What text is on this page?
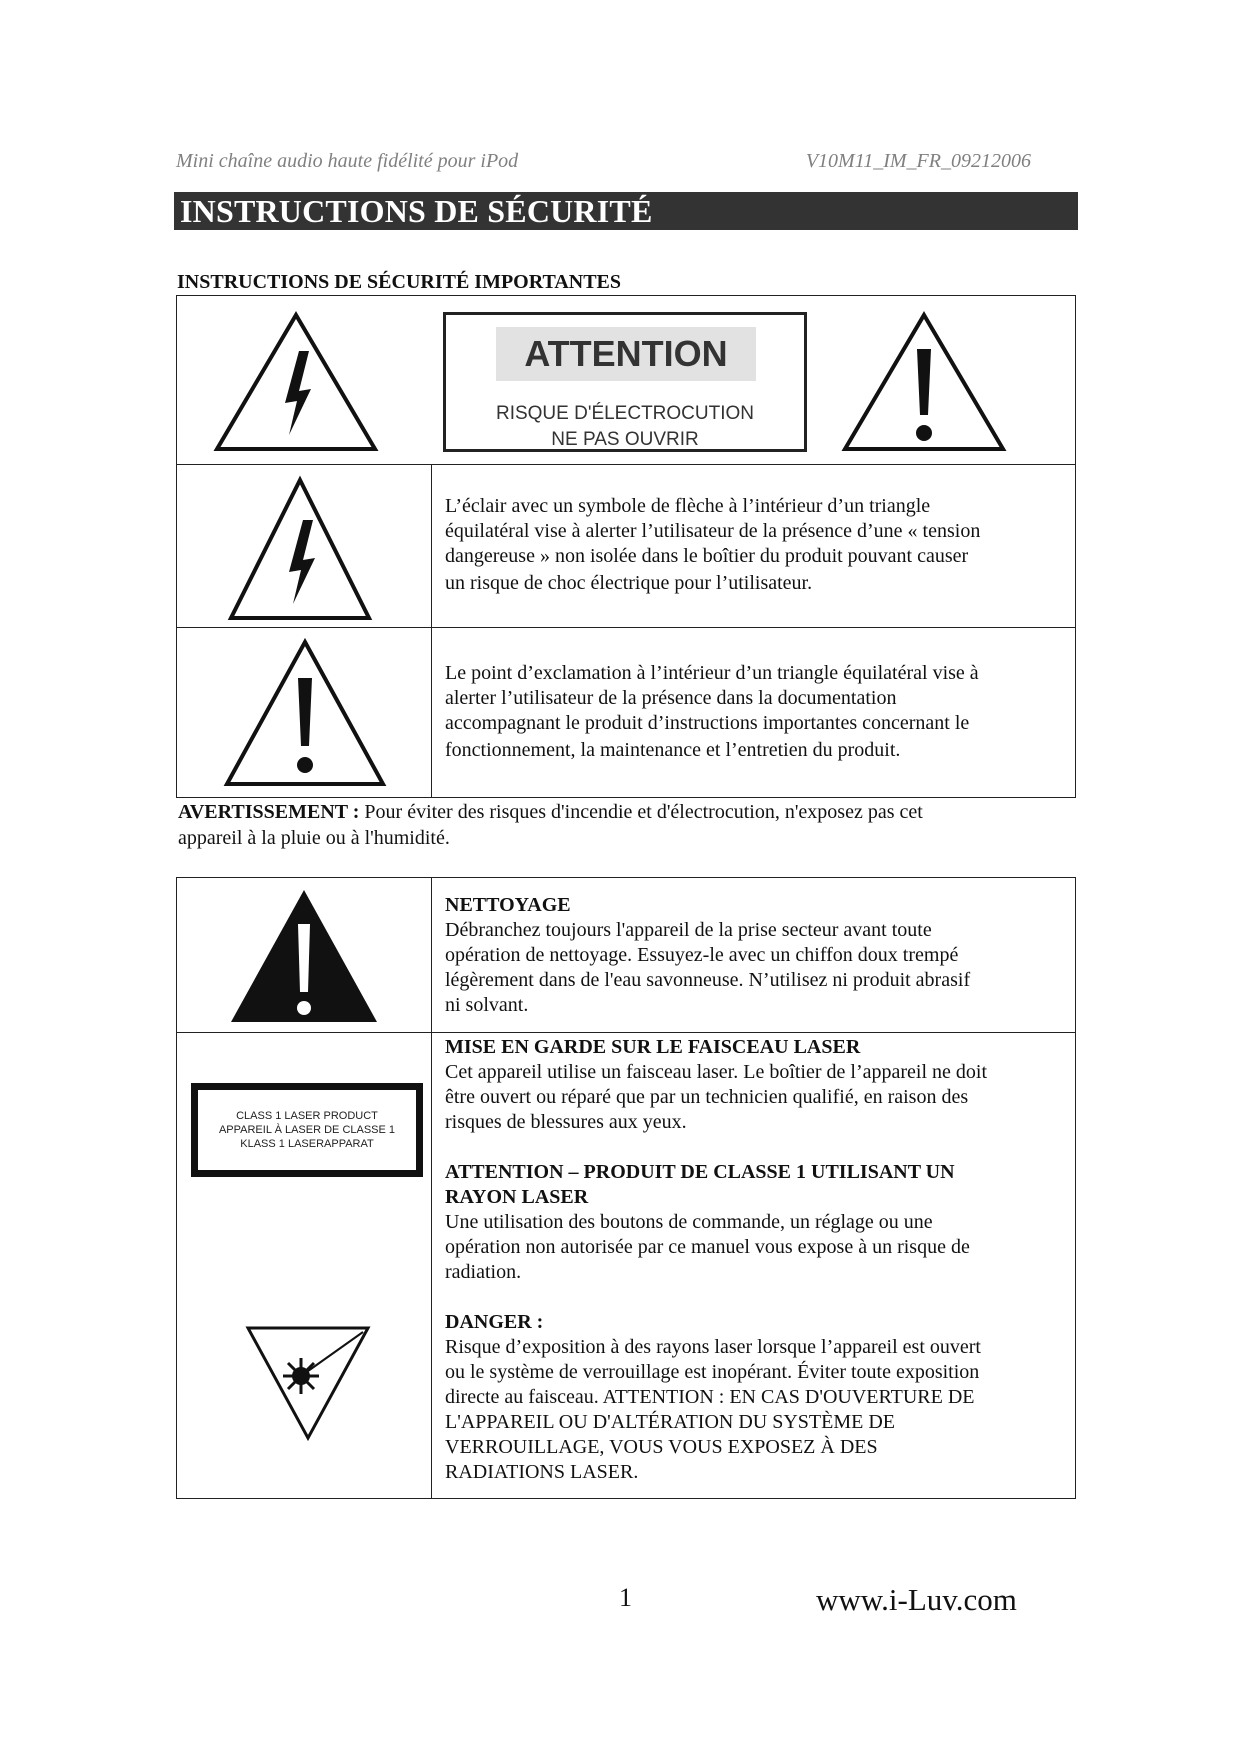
Mini chaîne audio haute fidélité pour iPod	V10M11_IM_FR_09212006
INSTRUCTIONS DE SÉCURITÉ
INSTRUCTIONS DE SÉCURITÉ IMPORTANTES
ATTENTION
RISQUE D'ÉLECTROCUTION
NE PAS OUVRIR
L’éclair avec un symbole de flèche à l’intérieur d’un triangle
équilatéral vise à alerter l’utilisateur de la présence d’une « tension
dangereuse » non isolée dans le boîtier du produit pouvant causer
un risque de choc électrique pour l’utilisateur.
Le point d’exclamation à l’intérieur d’un triangle équilatéral vise à
alerter l’utilisateur de la présence dans la documentation
accompagnant le produit d’instructions importantes concernant le
fonctionnement, la maintenance et l’entretien du produit.
AVERTISSEMENT : Pour éviter des risques d'incendie et d'électrocution, n'exposez pas cet
appareil à la pluie ou à l'humidité.
NETTOYAGE
Débranchez toujours l'appareil de la prise secteur avant toute
opération de nettoyage. Essuyez-le avec un chiffon doux trempé
légèrement dans de l'eau savonneuse. N’utilisez ni produit abrasif
ni solvant.
CLASS 1 LASER PRODUCT
APPAREIL À LASER DE CLASSE 1
KLASS 1 LASERAPPARAT
MISE EN GARDE SUR LE FAISCEAU LASER
Cet appareil utilise un faisceau laser. Le boîtier de l’appareil ne doit
être ouvert ou réparé que par un technicien qualifié, en raison des
risques de blessures aux yeux.
ATTENTION – PRODUIT DE CLASSE 1 UTILISANT UN
RAYON LASER
Une utilisation des boutons de commande, un réglage ou une
opération non autorisée par ce manuel vous expose à un risque de
radiation.
DANGER :
Risque d’exposition à des rayons laser lorsque l’appareil est ouvert
ou le système de verrouillage est inopérant. Éviter toute exposition
directe au faisceau. ATTENTION : EN CAS D'OUVERTURE DE
L'APPAREIL OU D'ALTÉRATION DU SYSTÈME DE
VERROUILLAGE, VOUS VOUS EXPOSEZ À DES
RADIATIONS LASER.
1	www.i-Luv.com
